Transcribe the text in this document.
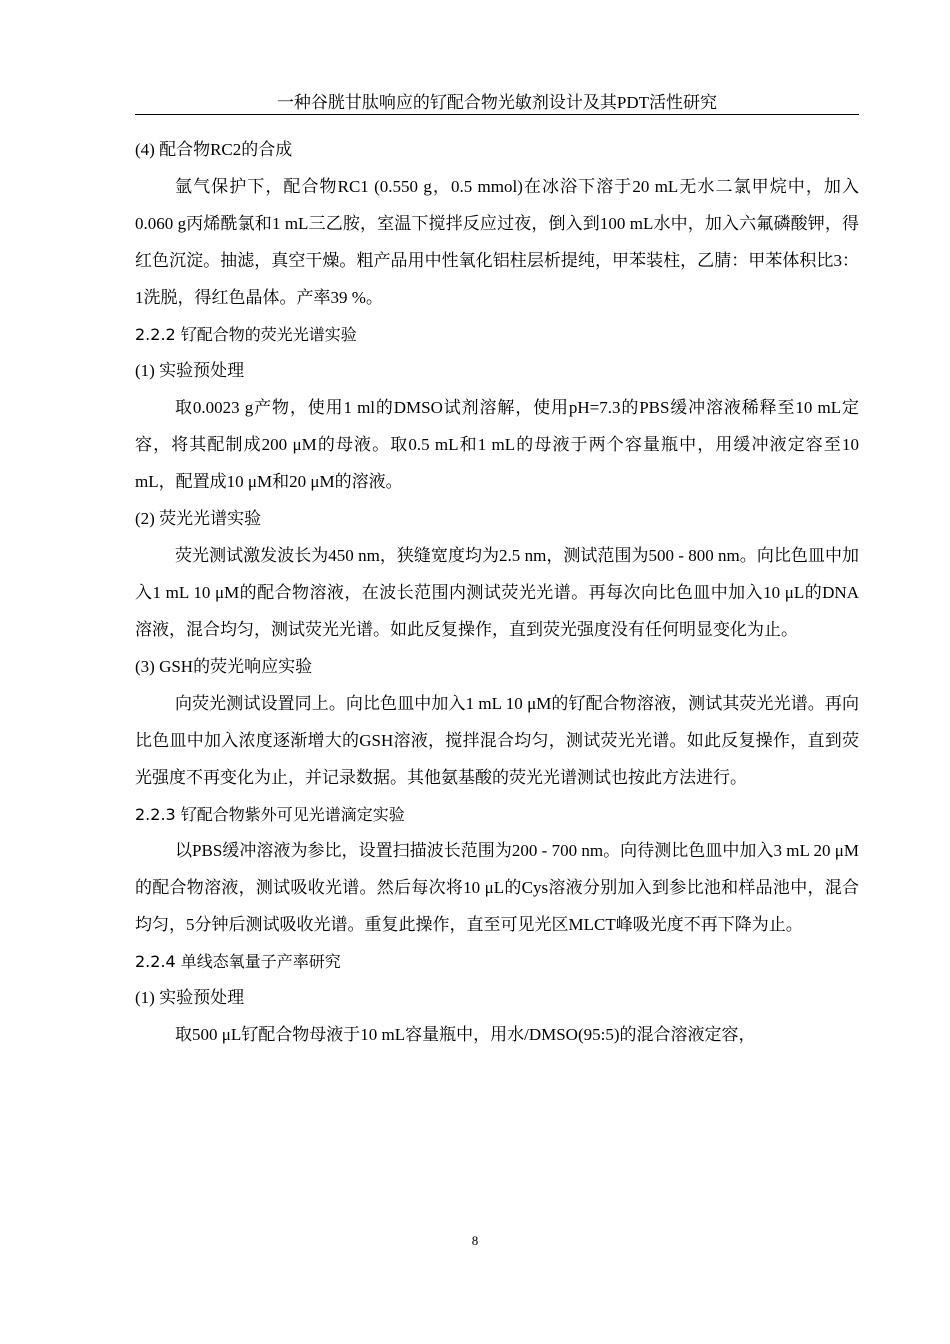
一种谷胱甘肽响应的钌配合物光敏剂设计及其PDT活性研究

(4) 配合物RC2的合成

氩气保护下，配合物RC1 (0.550 g，0.5 mmol)在冰浴下溶于20 mL无水二氯甲烷中，加入0.060 g丙烯酰氯和1 mL三乙胺，室温下搅拌反应过夜，倒入到100 mL水中，加入六氟磷酸钾，得红色沉淀。抽滤，真空干燥。粗产品用中性氧化铝柱层析提纯，甲苯装柱，乙腈：甲苯体积比3：1洗脱，得红色晶体。产率39 %。

2.2.2 钌配合物的荧光光谱实验

(1) 实验预处理

取0.0023 g产物，使用1 ml的DMSO试剂溶解，使用pH=7.3的PBS缓冲溶液稀释至10 mL定容，将其配制成200 μM的母液。取0.5 mL和1 mL的母液于两个容量瓶中，用缓冲液定容至10 mL，配置成10 μM和20 μM的溶液。

(2) 荧光光谱实验

荧光测试激发波长为450 nm，狭缝宽度均为2.5 nm，测试范围为500 - 800 nm。向比色皿中加入1 mL 10 μM的配合物溶液，在波长范围内测试荧光光谱。再每次向比色皿中加入10 μL的DNA溶液，混合均匀，测试荧光光谱。如此反复操作，直到荧光强度没有任何明显变化为止。

(3) GSH的荧光响应实验

向荧光测试设置同上。向比色皿中加入1 mL 10 μM的钌配合物溶液，测试其荧光光谱。再向比色皿中加入浓度逐渐增大的GSH溶液，搅拌混合均匀，测试荧光光谱。如此反复操作，直到荧光强度不再变化为止，并记录数据。其他氨基酸的荧光光谱测试也按此方法进行。

2.2.3 钌配合物紫外可见光谱滴定实验

以PBS缓冲溶液为参比，设置扫描波长范围为200 - 700 nm。向待测比色皿中加入3 mL 20 μM的配合物溶液，测试吸收光谱。然后每次将10 μL的Cys溶液分别加入到参比池和样品池中，混合均匀，5分钟后测试吸收光谱。重复此操作，直至可见光区MLCT峰吸光度不再下降为止。

2.2.4 单线态氧量子产率研究

(1) 实验预处理

取500 μL钌配合物母液于10 mL容量瓶中，用水/DMSO(95:5)的混合溶液定容，

8
